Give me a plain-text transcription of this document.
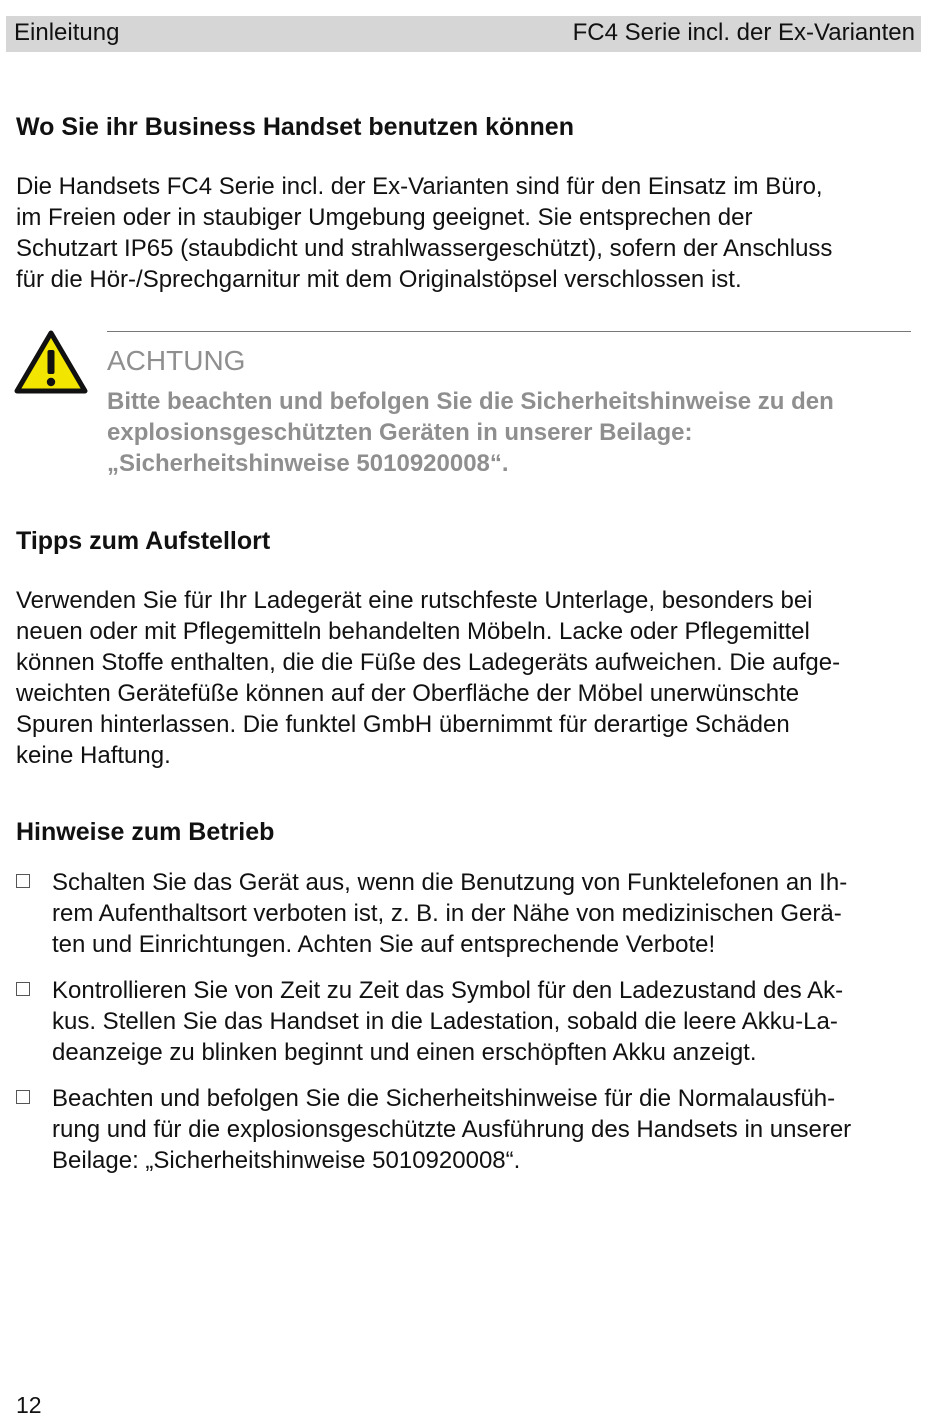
Einleitung	FC4 Serie incl. der Ex-Varianten
Wo Sie ihr Business Handset benutzen können
Die Handsets FC4 Serie incl. der Ex-Varianten sind für den Einsatz im Büro,
im Freien oder in staubiger Umgebung geeignet. Sie entsprechen der
Schutzart IP65 (staubdicht und strahlwassergeschützt), sofern der Anschluss
für die Hör-/Sprechgarnitur mit dem Originalstöpsel verschlossen ist.
ACHTUNG
Bitte beachten und befolgen Sie die Sicherheitshinweise zu den
explosionsgeschützten Geräten in unserer Beilage:
„Sicherheitshinweise 5010920008“.
Tipps zum Aufstellort
Verwenden Sie für Ihr Ladegerät eine rutschfeste Unterlage, besonders bei
neuen oder mit Pflegemitteln behandelten Möbeln. Lacke oder Pflegemittel
können Stoffe enthalten, die die Füße des Ladegeräts aufweichen. Die aufge-
weichten Gerätefüße können auf der Oberfläche der Möbel unerwünschte
Spuren hinterlassen. Die funktel GmbH übernimmt für derartige Schäden
keine Haftung.
Hinweise zum Betrieb
Schalten Sie das Gerät aus, wenn die Benutzung von Funktelefonen an Ih-
rem Aufenthaltsort verboten ist, z. B. in der Nähe von medizinischen Gerä-
ten und Einrichtungen. Achten Sie auf entsprechende Verbote!
Kontrollieren Sie von Zeit zu Zeit das Symbol für den Ladezustand des Ak-
kus. Stellen Sie das Handset in die Ladestation, sobald die leere Akku-La-
deanzeige zu blinken beginnt und einen erschöpften Akku anzeigt.
Beachten und befolgen Sie die Sicherheitshinweise für die Normalausfüh-
rung und für die explosionsgeschützte Ausführung des Handsets in unserer
Beilage: „Sicherheitshinweise 5010920008“.
12
